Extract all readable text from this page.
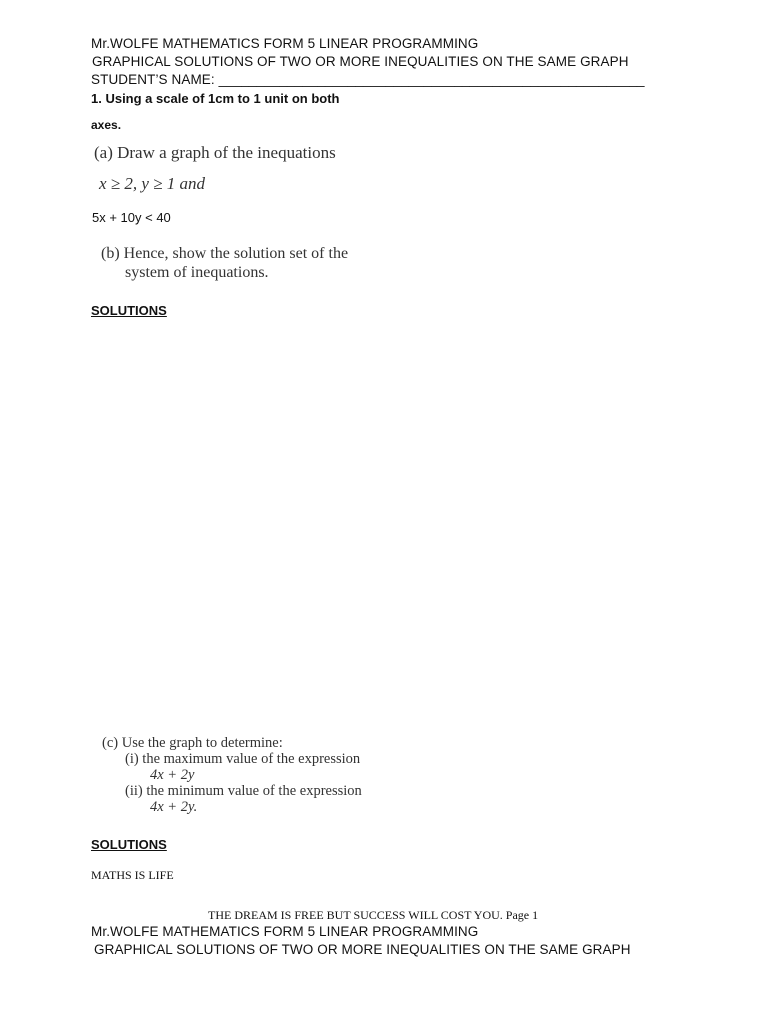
Mr.WOLFE MATHEMATICS FORM 5 LINEAR PROGRAMMING
GRAPHICAL SOLUTIONS OF TWO OR MORE INEQUALITIES ON THE SAME GRAPH
STUDENT’S NAME: ________________________________________________________
1. Using a scale of 1cm to 1 unit on both
axes.
(a) Draw a graph of the inequations
x ≥ 2, y ≥ 1 and
5x + 10y < 40
(b) Hence, show the solution set of the
system of inequations.
SOLUTIONS
(c) Use the graph to determine:
(i) the maximum value of the expression
4x + 2y
(ii) the minimum value of the expression
4x + 2y.
SOLUTIONS
MATHS IS LIFE
THE DREAM IS FREE BUT SUCCESS WILL COST YOU. Page 1
Mr.WOLFE MATHEMATICS FORM 5 LINEAR PROGRAMMING
GRAPHICAL SOLUTIONS OF TWO OR MORE INEQUALITIES ON THE SAME GRAPH
